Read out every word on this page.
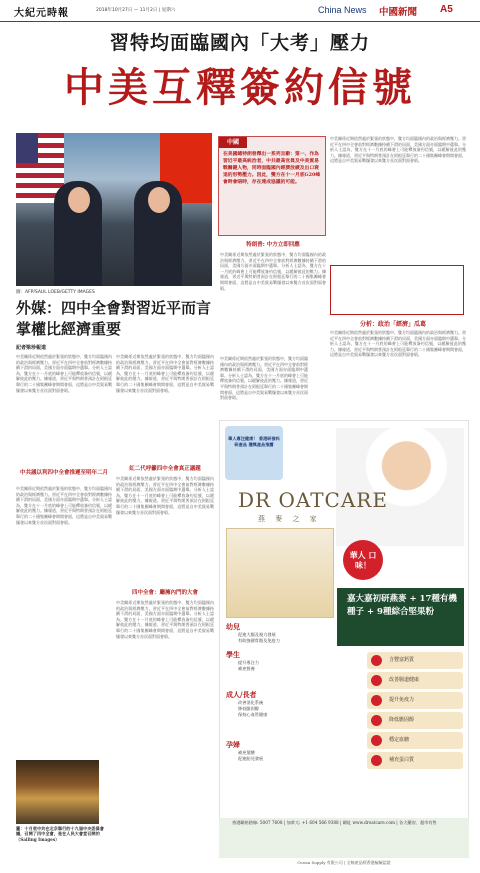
大紀元時報	2018年10月27日 — 11月2日 | 星期六	China News 中國新聞 A5
習特均面臨國內「大考」壓力
中美互釋簽約信號
圖：AFP/SAUL LOEB/GETTY IMAGES
外媒：四中全會對習近平而言掌權比經濟重要
記者梁珍報道
中美關係近期依然處於緊張的狀態中，雙方均面臨國內的政治與經濟壓力。習近平在四中全會前對經濟數據持續下滑的局面，美國方面亦面臨期中選舉。分析人士認為，雙方在十一月底的峰會上可能釋放簽約信號，以緩解彼此的壓力。據報道，習近平與特朗普預計在阿根廷舉行的二十國集團峰會期間會面，這將是自中美貿易戰爆發以來雙方首次面對面會晤。
中共議以利四中全會推遲至明年二月
中美關係近期依然處於緊張的狀態中，雙方均面臨國內的政治與經濟壓力。習近平在四中全會前對經濟數據持續下滑的局面，美國方面亦面臨期中選舉。分析人士認為，雙方在十一月底的峰會上可能釋放簽約信號，以緩解彼此的壓力。據報道，習近平與特朗普預計在阿根廷舉行的二十國集團峰會期間會面，這將是自中美貿易戰爆發以來雙方首次面對面會晤。
圖：十月底中共在北京舉行的十九屆中央委員會議，召開了四中全會，是在人民大會堂召開的（Sailing Images）
中美關係近期依然處於緊張的狀態中，雙方均面臨國內的政治與經濟壓力。習近平在四中全會前對經濟數據持續下滑的局面，美國方面亦面臨期中選舉。分析人士認為，雙方在十一月底的峰會上可能釋放簽約信號，以緩解彼此的壓力。據報道，習近平與特朗普預計在阿根廷舉行的二十國集團峰會期間會面，這將是自中美貿易戰爆發以來雙方首次面對面會晤。
紅二代呼籲四中全會真正議題
中美關係近期依然處於緊張的狀態中，雙方均面臨國內的政治與經濟壓力。習近平在四中全會前對經濟數據持續下滑的局面，美國方面亦面臨期中選舉。分析人士認為，雙方在十一月底的峰會上可能釋放簽約信號，以緩解彼此的壓力。據報道，習近平與特朗普預計在阿根廷舉行的二十國集團峰會期間會面，這將是自中美貿易戰爆發以來雙方首次面對面會晤。
中美關係近期依然處於緊張的狀態中，雙方均面臨國內的政治與經濟壓力。習近平在四中全會前對經濟數據持續下滑的局面，美國方面亦面臨期中選舉。分析人士認為，雙方在十一月底的峰會上可能釋放簽約信號，以緩解彼此的壓力。據報道，習近平與特朗普預計在阿根廷舉行的二十國集團峰會期間會面，這將是自中美貿易戰爆發以來雙方首次面對面會晤。
四中全會：廳擁內門的大會
中美關係近期依然處於緊張的狀態中，雙方均面臨國內的政治與經濟壓力。習近平在四中全會前對經濟數據持續下滑的局面，美國方面亦面臨期中選舉。分析人士認為，雙方在十一月底的峰會上可能釋放簽約信號，以緩解彼此的壓力。據報道，習近平與特朗普預計在阿根廷舉行的二十國集團峰會期間會面，這將是自中美貿易戰爆發以來雙方首次面對面會晤。
中國
在美國總特朗普釋出一系列言辭：第一、作為習近平最高統治者，中共最高官員及中美貿易戰關鍵人物，同時面臨國內經濟放緩及出口衰退的形勢壓力。因此，雙方在十一月底G20峰會時會晤時，存在達成協議的可能。
中美關係近期依然處於緊張的狀態中，雙方均面臨國內的政治與經濟壓力。習近平在四中全會前對經濟數據持續下滑的局面，美國方面亦面臨期中選舉。分析人士認為，雙方在十一月底的峰會上可能釋放簽約信號，以緩解彼此的壓力。據報道，習近平與特朗普預計在阿根廷舉行的二十國集團峰會期間會面，這將是自中美貿易戰爆發以來雙方首次面對面會晤。
分析：政治「經濟」瓜葛
中美關係近期依然處於緊張的狀態中，雙方均面臨國內的政治與經濟壓力。習近平在四中全會前對經濟數據持續下滑的局面，美國方面亦面臨期中選舉。分析人士認為，雙方在十一月底的峰會上可能釋放簽約信號，以緩解彼此的壓力。據報道，習近平與特朗普預計在阿根廷舉行的二十國集團峰會期間會面，這將是自中美貿易戰爆發以來雙方首次面對面會晤。
特朗普: 中方立即回應
中美關係近期依然處於緊張的狀態中，雙方均面臨國內的政治與經濟壓力。習近平在四中全會前對經濟數據持續下滑的局面，美國方面亦面臨期中選舉。分析人士認為，雙方在十一月底的峰會上可能釋放簽約信號，以緩解彼此的壓力。據報道，習近平與特朗普預計在阿根廷舉行的二十國集團峰會期間會面，這將是自中美貿易戰爆發以來雙方首次面對面會晤。
華人專注健康！ 香港研發科研產品 獲獎產品推薦
DR OATCARE
燕 麥 之 家
華人 口味！
嘉大嘉初研燕麥 + 17種有機種子 + 9種綜合堅果粉
幼兒
促進大腦及視力發展
有助強健骨骼及免疫力
學生
提升專注力
補充營養
成人/長者
改善消化系統
降低膽固醇
保持心血管健康
孕婦
補充葉酸
促進胎兒發展
含豐富鈣質
改善腸道健康
提升免疫力
降低膽固醇
穩定血糖
補充蛋白質
香港聯絡熱線: 5007 7608 | 加拿大: +1 604 566 9388 | 網址 www.droatcare.com | 各大藥房、超市有售
Ocean Supply 有限公司 | 全線產品經香港檢驗認證
